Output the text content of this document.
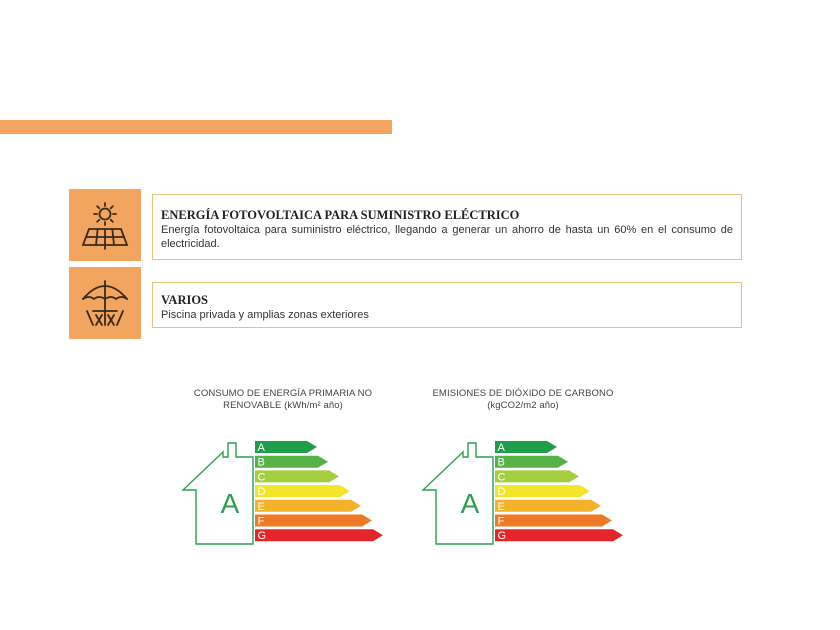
ENERGÍA FOTOVOLTAICA PARA SUMINISTRO ELÉCTRICO
Energía fotovoltaica para suministro eléctrico, llegando a generar un ahorro de hasta un 60% en el consumo de electricidad.
VARIOS
Piscina privada y amplias zonas exteriores
CONSUMO DE ENERGÍA PRIMARIA NO
RENOVABLE (kWh/m² año)
A
A
B
C
D
E
F
G
EMISIONES DE DIÓXIDO DE CARBONO
(kgCO2/m2 año)
A
A
B
C
D
E
F
G
